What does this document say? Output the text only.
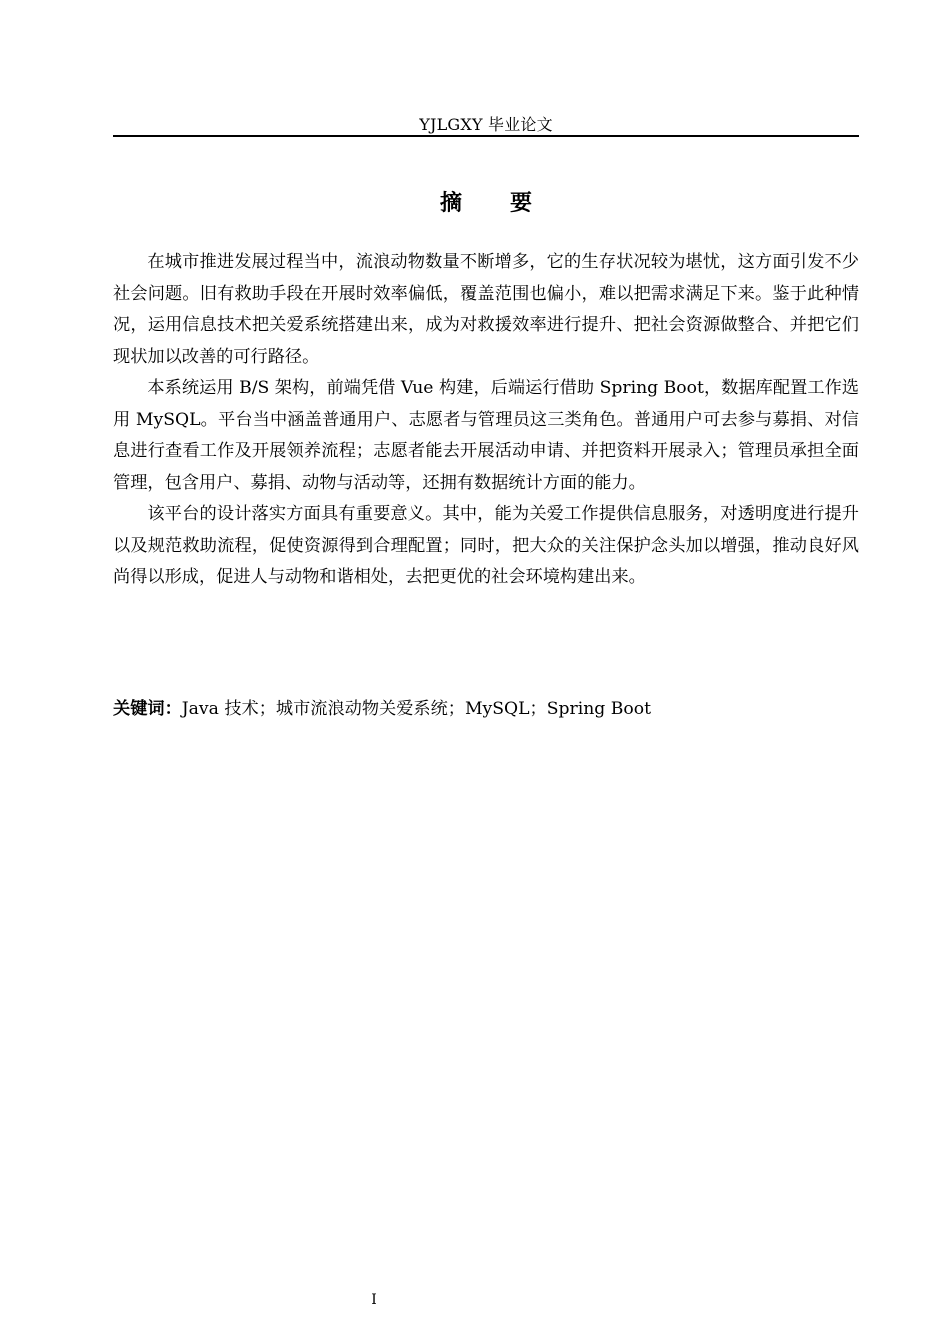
YJLGXY 毕业论文
摘 要

在城市推进发展过程当中，流浪动物数量不断增多，它的生存状况较为堪忧，这方面引发不少社会问题。旧有救助手段在开展时效率偏低，覆盖范围也偏小，难以把需求满足下来。鉴于此种情况，运用信息技术把关爱系统搭建出来，成为对救援效率进行提升、把社会资源做整合、并把它们现状加以改善的可行路径。

本系统运用 B/S 架构，前端凭借 Vue 构建，后端运行借助 Spring Boot，数据库配置工作选用 MySQL。平台当中涵盖普通用户、志愿者与管理员这三类角色。普通用户可去参与募捐、对信息进行查看工作及开展领养流程；志愿者能去开展活动申请、并把资料开展录入；管理员承担全面管理，包含用户、募捐、动物与活动等，还拥有数据统计方面的能力。

该平台的设计落实方面具有重要意义。其中，能为关爱工作提供信息服务，对透明度进行提升以及规范救助流程，促使资源得到合理配置；同时，把大众的关注保护念头加以增强，推动良好风尚得以形成，促进人与动物和谐相处，去把更优的社会环境构建出来。

关键词：Java 技术；城市流浪动物关爱系统；MySQL；Spring Boot
I
